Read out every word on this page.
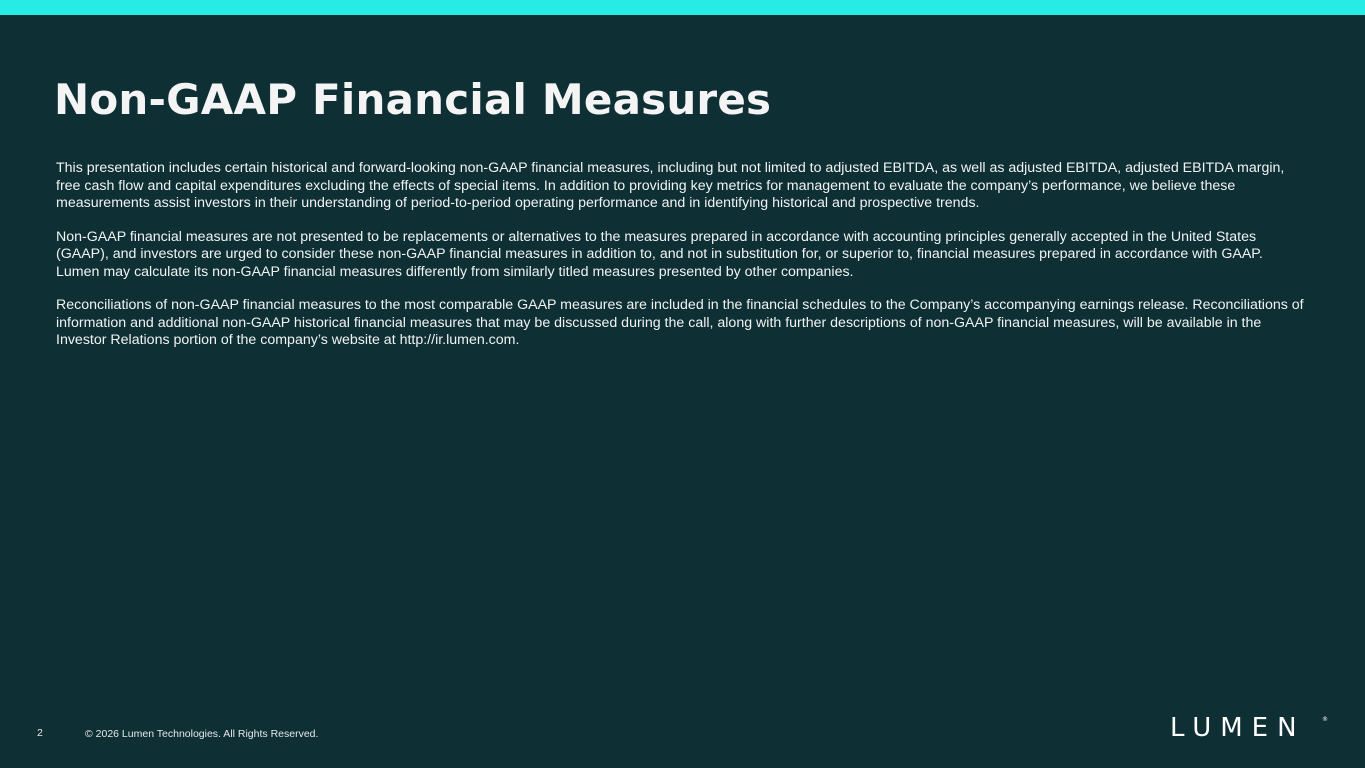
Non-GAAP Financial Measures

This presentation includes certain historical and forward-looking non-GAAP financial measures, including but not limited to adjusted EBITDA, as well as adjusted EBITDA, adjusted EBITDA margin, free cash flow and capital expenditures excluding the effects of special items. In addition to providing key metrics for management to evaluate the company’s performance, we believe these measurements assist investors in their understanding of period-to-period operating performance and in identifying historical and prospective trends.

Non-GAAP financial measures are not presented to be replacements or alternatives to the measures prepared in accordance with accounting principles generally accepted in the United States (GAAP), and investors are urged to consider these non-GAAP financial measures in addition to, and not in substitution for, or superior to, financial measures prepared in accordance with GAAP. Lumen may calculate its non-GAAP financial measures differently from similarly titled measures presented by other companies.

Reconciliations of non-GAAP financial measures to the most comparable GAAP measures are included in the financial schedules to the Company’s accompanying earnings release. Reconciliations of information and additional non-GAAP historical financial measures that may be discussed during the call, along with further descriptions of non-GAAP financial measures, will be available in the Investor Relations portion of the company’s website at http://ir.lumen.com.

2	© 2026 Lumen Technologies. All Rights Reserved.	LUMEN	®
